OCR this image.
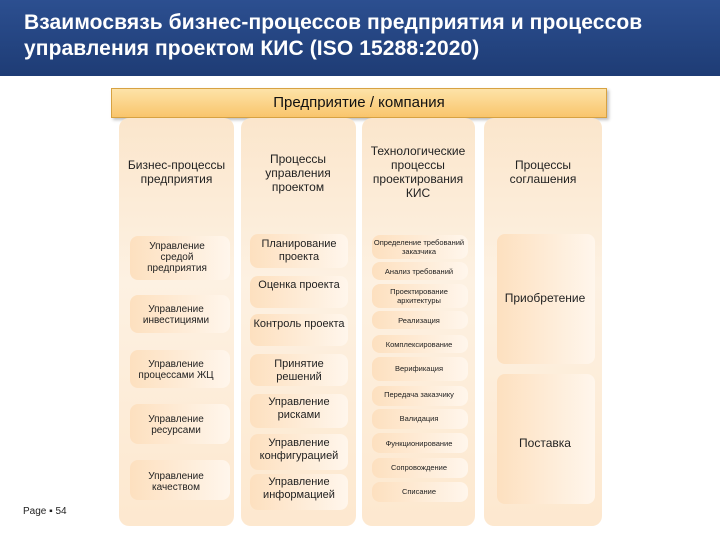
Взаимосвязь бизнес-процессов предприятия и процессов управления проектом КИС (ISO 15288:2020)
Предприятие / компания
Бизнес-процессы предприятия
Управление средой предприятия
Управление инвестициями
Управление процессами ЖЦ
Управление ресурсами
Управление качеством
Процессы управления проектом
Планирование проекта
Оценка проекта
Контроль проекта
Принятие решений
Управление рисками
Управление конфигурацией
Управление информацией
Технологические процессы проектирования КИС
Определение требований заказчика
Анализ требований
Проектирование архитектуры
Реализация
Комплексирование
Верификация
Передача заказчику
Валидация
Функционирование
Сопровождение
Списание
Процессы соглашения
Приобретение
Поставка
Page ▪ 54
